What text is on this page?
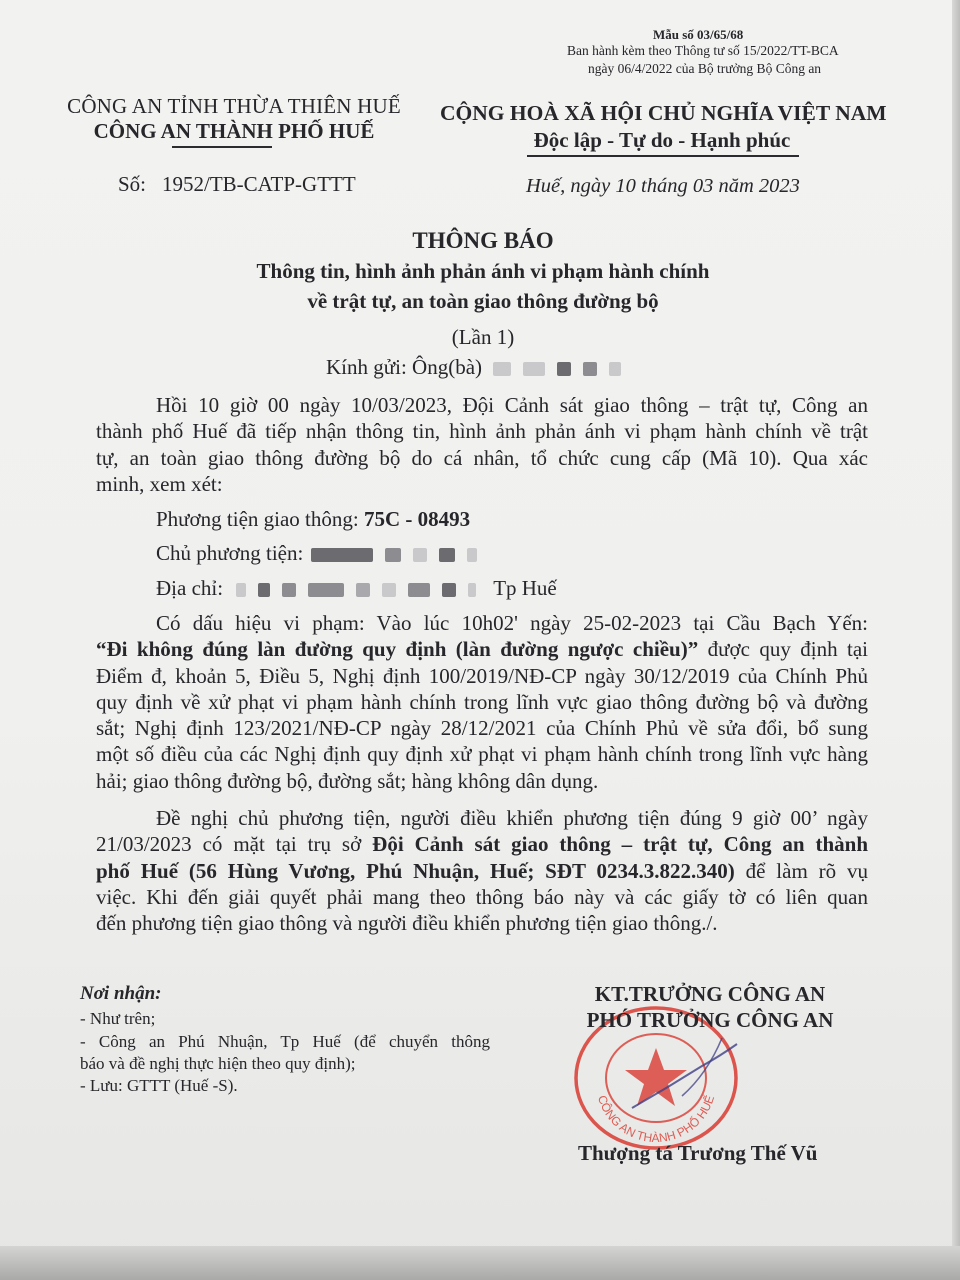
Mẫu số 03/65/68
Ban hành kèm theo Thông tư số 15/2022/TT-BCA
ngày 06/4/2022 của Bộ trưởng Bộ Công an
CÔNG AN TỈNH THỪA THIÊN HUẾ
CÔNG AN THÀNH PHỐ HUẾ
CỘNG HOÀ XÃ HỘI CHỦ NGHĨA VIỆT NAM
Độc lập - Tự do - Hạnh phúc
Số: 1952/TB-CATP-GTTT	Huế, ngày 10 tháng 03 năm 2023
THÔNG BÁO
Thông tin, hình ảnh phản ánh vi phạm hành chính
về trật tự, an toàn giao thông đường bộ
(Lần 1)
Kính gửi: Ông(bà)
Hồi 10 giờ 00 ngày 10/03/2023, Đội Cảnh sát giao thông – trật tự, Công an
thành phố Huế đã tiếp nhận thông tin, hình ảnh phản ánh vi phạm hành chính về trật
tự, an toàn giao thông đường bộ do cá nhân, tổ chức cung cấp (Mã 10). Qua xác
minh, xem xét:
Phương tiện giao thông: 75C - 08493
Chủ phương tiện:
Địa chỉ:	Tp Huế
Có dấu hiệu vi phạm: Vào lúc 10h02' ngày 25-02-2023 tại Cầu Bạch Yến:
“Đi không đúng làn đường quy định (làn đường ngược chiều)” được quy định tại
Điểm đ, khoản 5, Điều 5, Nghị định 100/2019/NĐ-CP ngày 30/12/2019 của Chính Phủ
quy định về xử phạt vi phạm hành chính trong lĩnh vực giao thông đường bộ và đường
sắt; Nghị định 123/2021/NĐ-CP ngày 28/12/2021 của Chính Phủ về sửa đổi, bổ sung
một số điều của các Nghị định quy định xử phạt vi phạm hành chính trong lĩnh vực hàng
hải; giao thông đường bộ, đường sắt; hàng không dân dụng.
Đề nghị chủ phương tiện, người điều khiển phương tiện đúng 9 giờ 00’ ngày
21/03/2023 có mặt tại trụ sở Đội Cảnh sát giao thông – trật tự, Công an thành
phố Huế (56 Hùng Vương, Phú Nhuận, Huế; SĐT 0234.3.822.340) để làm rõ vụ
việc. Khi đến giải quyết phải mang theo thông báo này và các giấy tờ có liên quan
đến phương tiện giao thông và người điều khiển phương tiện giao thông./.
Nơi nhận:
- Như trên;
- Công an Phú Nhuận, Tp Huế (để chuyển thông
báo và đề nghị thực hiện theo quy định);
- Lưu: GTTT (Huế -S).
CÔNG AN THÀNH PHỐ HUẾ
KT.TRƯỞNG CÔNG AN
PHÓ TRƯỞNG CÔNG AN
Thượng tá Trương Thế Vũ
